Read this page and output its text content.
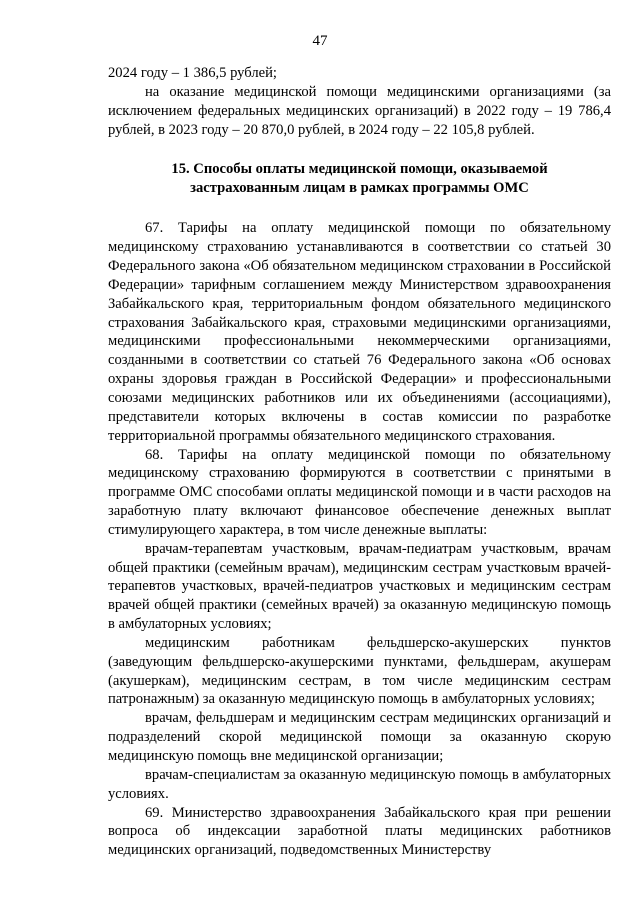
47

2024 году – 1 386,5 рублей;

на оказание медицинской помощи медицинскими организациями (за исключением федеральных медицинских организаций) в 2022 году – 19 786,4 рублей, в 2023 году – 20 870,0 рублей, в 2024 году – 22 105,8 рублей.

15. Способы оплаты медицинской помощи, оказываемой застрахованным лицам в рамках программы ОМС

67. Тарифы на оплату медицинской помощи по обязательному медицинскому страхованию устанавливаются в соответствии со статьей 30 Федерального закона «Об обязательном медицинском страховании в Российской Федерации» тарифным соглашением между Министерством здравоохранения Забайкальского края, территориальным фондом обязательного медицинского страхования Забайкальского края, страховыми медицинскими организациями, медицинскими профессиональными некоммерческими организациями, созданными в соответствии со статьей 76 Федерального закона «Об основах охраны здоровья граждан в Российской Федерации» и профессиональными союзами медицинских работников или их объединениями (ассоциациями), представители которых включены в состав комиссии по разработке территориальной программы обязательного медицинского страхования.

68. Тарифы на оплату медицинской помощи по обязательному медицинскому страхованию формируются в соответствии с принятыми в программе ОМС способами оплаты медицинской помощи и в части расходов на заработную плату включают финансовое обеспечение денежных выплат стимулирующего характера, в том числе денежные выплаты:

врачам-терапевтам участковым, врачам-педиатрам участковым, врачам общей практики (семейным врачам), медицинским сестрам участковым врачей-терапевтов участковых, врачей-педиатров участковых и медицинским сестрам врачей общей практики (семейных врачей) за оказанную медицинскую помощь в амбулаторных условиях;

медицинским работникам фельдшерско-акушерских пунктов (заведующим фельдшерско-акушерскими пунктами, фельдшерам, акушерам (акушеркам), медицинским сестрам, в том числе медицинским сестрам патронажным) за оказанную медицинскую помощь в амбулаторных условиях;

врачам, фельдшерам и медицинским сестрам медицинских организаций и подразделений скорой медицинской помощи за оказанную скорую медицинскую помощь вне медицинской организации;

врачам-специалистам за оказанную медицинскую помощь в амбулаторных условиях.

69. Министерство здравоохранения Забайкальского края при решении вопроса об индексации заработной платы медицинских работников медицинских организаций, подведомственных Министерству
